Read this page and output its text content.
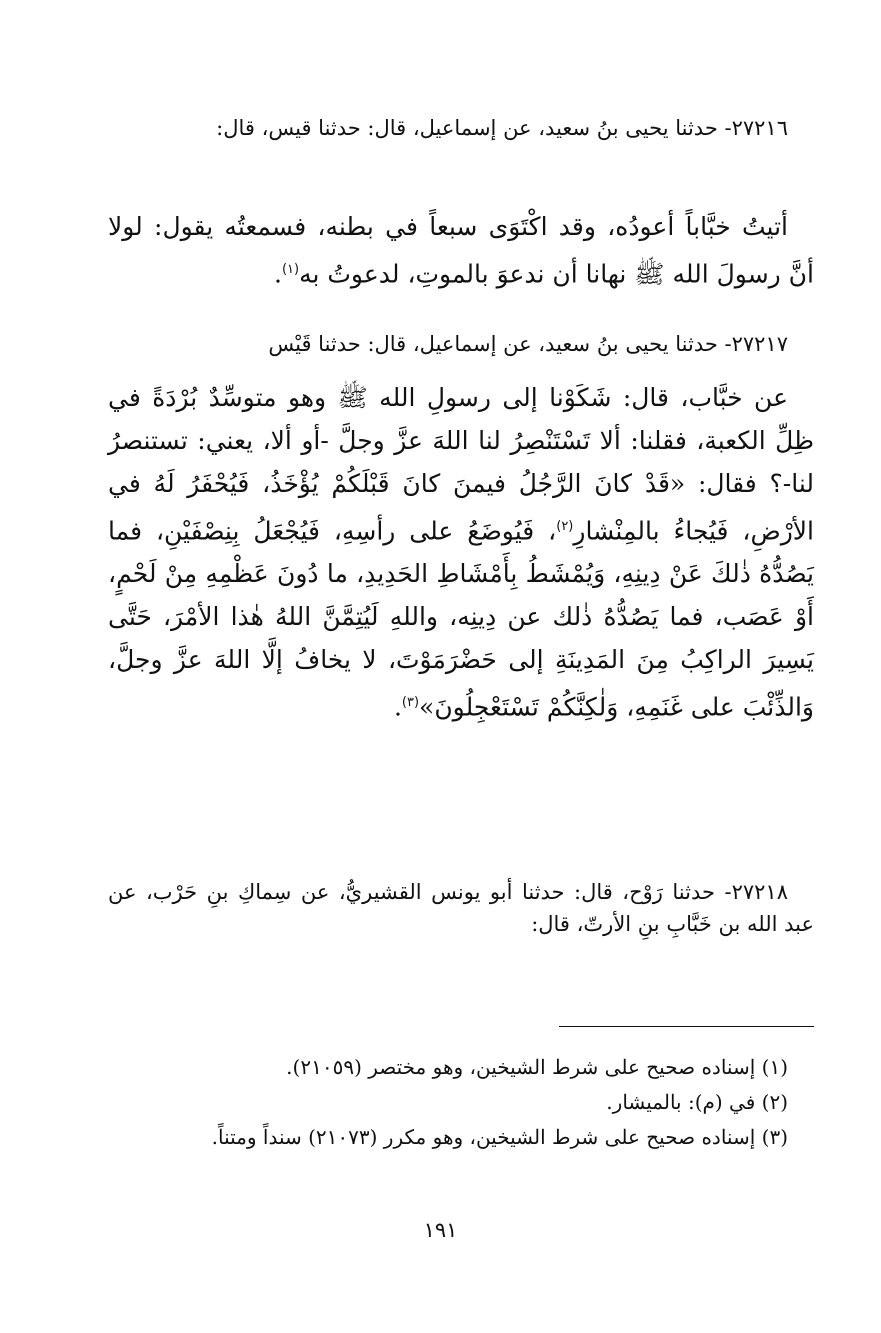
٢٧٢١٦- حدثنا يحيى بنُ سعيد، عن إسماعيل، قال: حدثنا قيس، قال:

أتيتُ خبَّاباً أعودُه، وقد اكْتَوَى سبعاً في بطنه، فسمعتُه يقول: لولا أنَّ رسولَ الله ﷺ نهانا أن ندعوَ بالموتِ، لدعوتُ به$^{(١)}$.

٢٧٢١٧- حدثنا يحيى بنُ سعيد، عن إسماعيل، قال: حدثنا قَيْس

عن خبَّاب، قال: شَكَوْنا إلى رسولِ الله ﷺ وهو متوسِّدٌ بُرْدَةً في ظِلِّ الكعبة، فقلنا: ألا تَسْتَنْصِرُ لنا اللهَ عزَّ وجلَّ -أو ألا، يعني: تستنصرُ لنا-؟ فقال: «قَدْ كانَ الرَّجُلُ فيمنَ كانَ قَبْلَكُمْ يُؤْخَذُ، فَيُحْفَرُ لَهُ في الأرْضِ، فَيُجاءُ بالمِنْشارِ$^{(٢)}$، فَيُوضَعُ على رأسِهِ، فَيُجْعَلُ بِنِصْفَيْنِ، فما يَصُدُّهُ ذٰلكَ عَنْ دِينِهِ، وَيُمْشَطُ بِأَمْشَاطِ الحَدِيدِ، ما دُونَ عَظْمِهِ مِنْ لَحْمٍ، أَوْ عَصَب، فما يَصُدُّهُ ذٰلك عن دِينِه، واللهِ لَيُتِمَّنَّ اللهُ هٰذا الأمْرَ، حَتَّى يَسِيرَ الراكِبُ مِنَ المَدِينَةِ إلى حَضْرَمَوْتَ، لا يخافُ إلَّا اللهَ عزَّ وجلَّ، وَالذِّئْبَ على غَنَمِهِ، وَلٰكِنَّكُمْ تَسْتَعْجِلُونَ»$^{(٣)}$.

٢٧٢١٨- حدثنا رَوْح، قال: حدثنا أبو يونس القشيريُّ، عن سِماكِ بنِ حَرْب، عن عبد الله بن خَبَّابِ بنِ الأرتّ، قال:

(١) إسناده صحيح على شرط الشيخين، وهو مختصر (٢١٠٥٩).
(٢) في (م): بالميشار.
(٣) إسناده صحيح على شرط الشيخين، وهو مكرر (٢١٠٧٣) سنداً ومتناً.
١٩١
